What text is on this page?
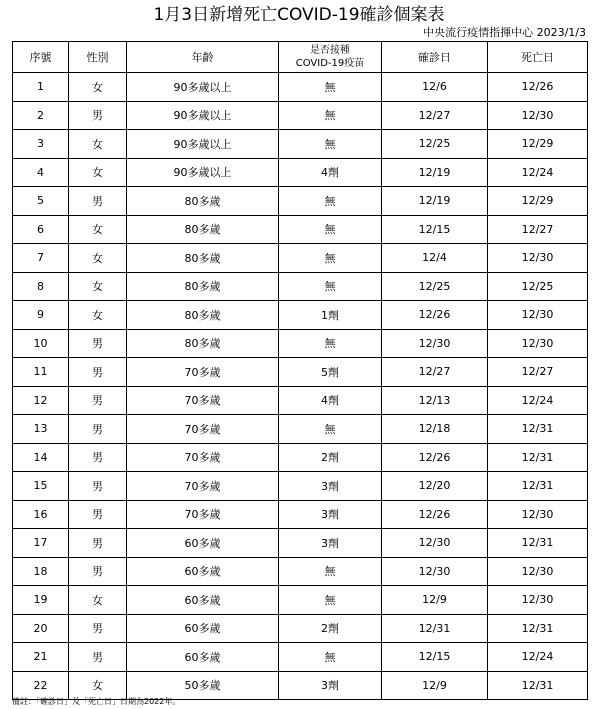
1月3日新增死亡COVID-19確診個案表
中央流行疫情指揮中心 2023/1/3
序號	性別	年齡	是否接種
COVID-19疫苗	確診日	死亡日
1	女	90多歲以上	無	12/6	12/26
2	男	90多歲以上	無	12/27	12/30
3	女	90多歲以上	無	12/25	12/29
4	女	90多歲以上	4劑	12/19	12/24
5	男	80多歲	無	12/19	12/29
6	女	80多歲	無	12/15	12/27
7	女	80多歲	無	12/4	12/30
8	女	80多歲	無	12/25	12/25
9	女	80多歲	1劑	12/26	12/30
10	男	80多歲	無	12/30	12/30
11	男	70多歲	5劑	12/27	12/27
12	男	70多歲	4劑	12/13	12/24
13	男	70多歲	無	12/18	12/31
14	男	70多歲	2劑	12/26	12/31
15	男	70多歲	3劑	12/20	12/31
16	男	70多歲	3劑	12/26	12/30
17	男	60多歲	3劑	12/30	12/31
18	男	60多歲	無	12/30	12/30
19	女	60多歲	無	12/9	12/30
20	男	60多歲	2劑	12/31	12/31
21	男	60多歲	無	12/15	12/24
22	女	50多歲	3劑	12/9	12/31
備註：「確診日」及「死亡日」日期為2022年。
